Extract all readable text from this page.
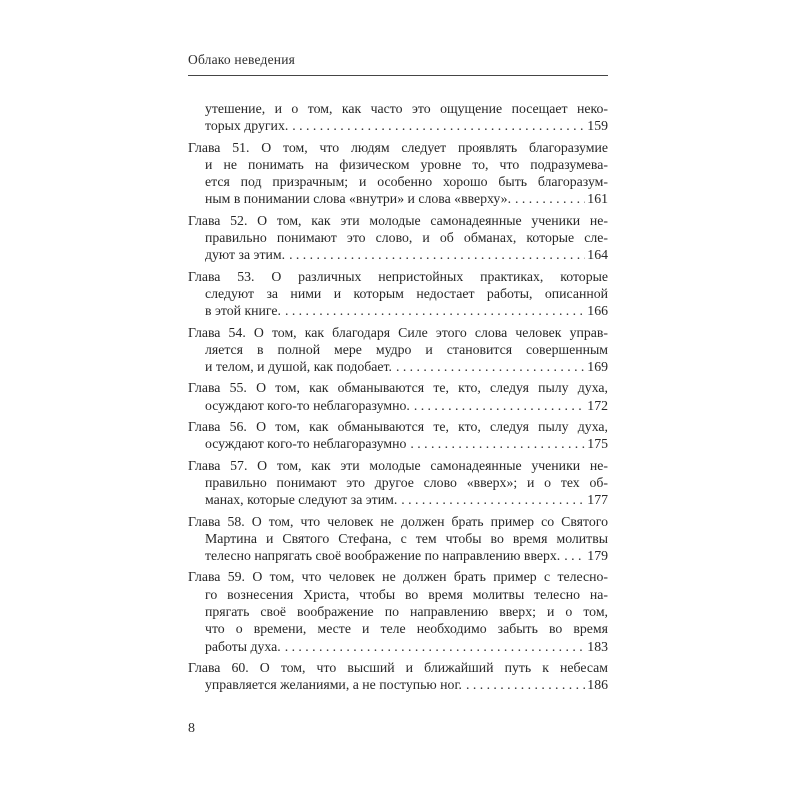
Облако неведения
утешение, и о том, как часто это ощущение посещает неко-
торых других. .....	159
Глава 51. О том, что людям следует проявлять благоразумие
и не понимать на физическом уровне то, что подразумева-
ется под призрачным; и особенно хорошо быть благоразум-
ным в понимании слова «внутри» и слова «вверху». .....	161
Глава 52. О том, как эти молодые самонадеянные ученики не-
правильно понимают это слово, и об обманах, которые сле-
дуют за этим. .....	164
Глава 53. О различных непристойных практиках, которые
следуют за ними и которым недостает работы, описанной
в этой книге. .....	166
Глава 54. О том, как благодаря Силе этого слова человек управ-
ляется в полной мере мудро и становится совершенным
и телом, и душой, как подобает. .....	169
Глава 55. О том, как обманываются те, кто, следуя пылу духа,
осуждают кого-то неблагоразумно. .....	172
Глава 56. О том, как обманываются те, кто, следуя пылу духа,
осуждают кого-то неблагоразумно .....	175
Глава 57. О том, как эти молодые самонадеянные ученики не-
правильно понимают это другое слово «вверх»; и о тех об-
манах, которые следуют за этим. .....	177
Глава 58. О том, что человек не должен брать пример со Святого
Мартина и Святого Стефана, с тем чтобы во время молитвы
телесно напрягать своё воображение по направлению вверх. ..... 179
Глава 59. О том, что человек не должен брать пример с телесно-
го вознесения Христа, чтобы во время молитвы телесно на-
прягать своё воображение по направлению вверх; и о том,
что о времени, месте и теле необходимо забыть во время
работы духа. .....	183
Глава 60. О том, что высший и ближайший путь к небесам
управляется желаниями, а не поступью ног. .....	186
8
